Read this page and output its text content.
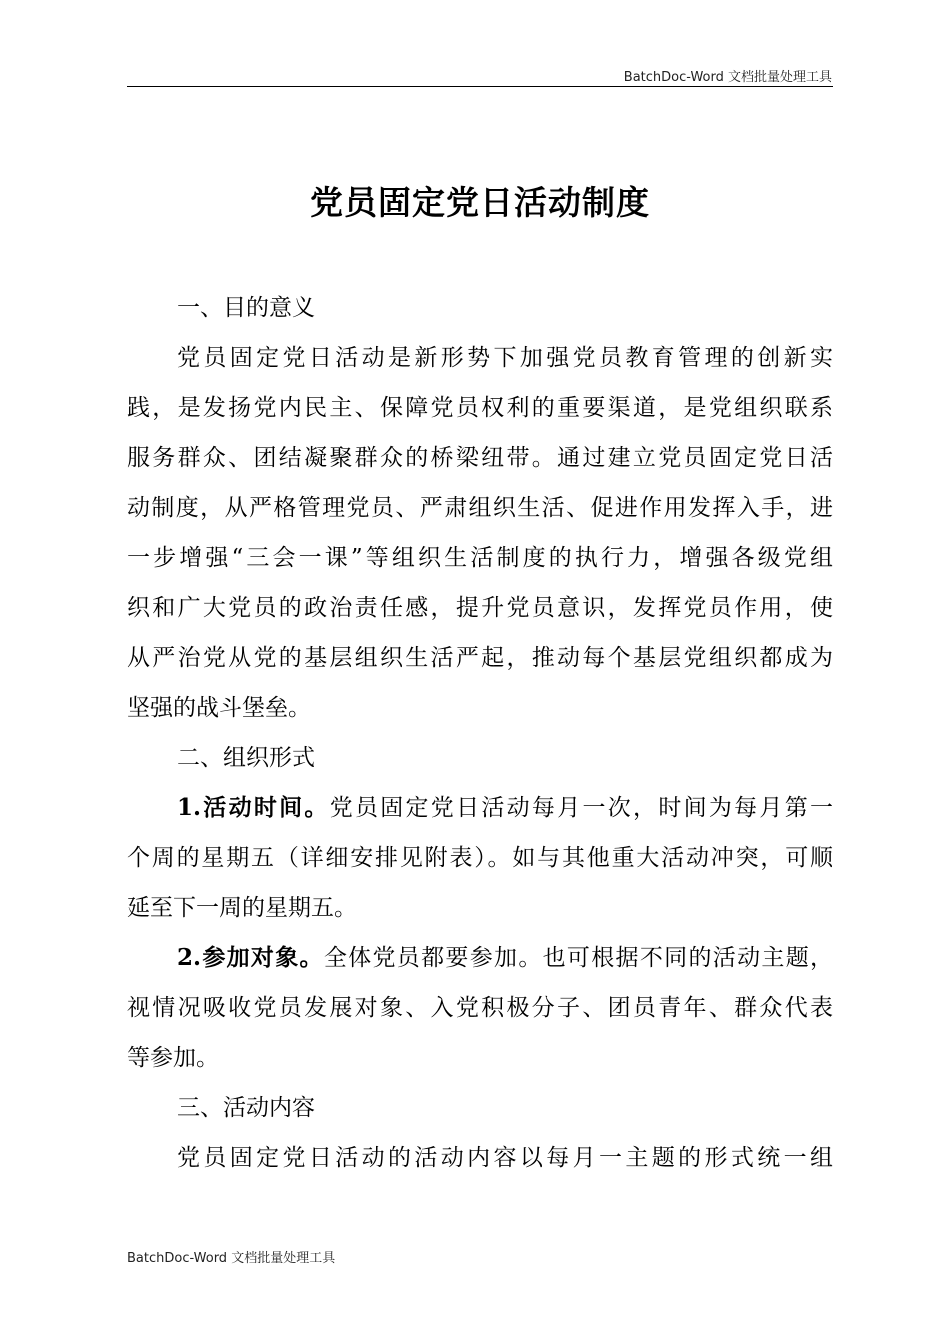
BatchDoc-Word 文档批量处理工具
党员固定党日活动制度
一、目的意义
党员固定党日活动是新形势下加强党员教育管理的创新实
践，是发扬党内民主、保障党员权利的重要渠道，是党组织联系
服务群众、团结凝聚群众的桥梁纽带。通过建立党员固定党日活
动制度，从严格管理党员、严肃组织生活、促进作用发挥入手，进
一步增强“三会一课”等组织生活制度的执行力，增强各级党组
织和广大党员的政治责任感，提升党员意识，发挥党员作用，使
从严治党从党的基层组织生活严起，推动每个基层党组织都成为
坚强的战斗堡垒。
二、组织形式
1.活动时间。党员固定党日活动每月一次，时间为每月第一
个周的星期五（详细安排见附表）。如与其他重大活动冲突，可顺
延至下一周的星期五。
2.参加对象。全体党员都要参加。也可根据不同的活动主题，
视情况吸收党员发展对象、入党积极分子、团员青年、群众代表
等参加。
三、活动内容
党员固定党日活动的活动内容以每月一主题的形式统一组
BatchDoc-Word 文档批量处理工具
